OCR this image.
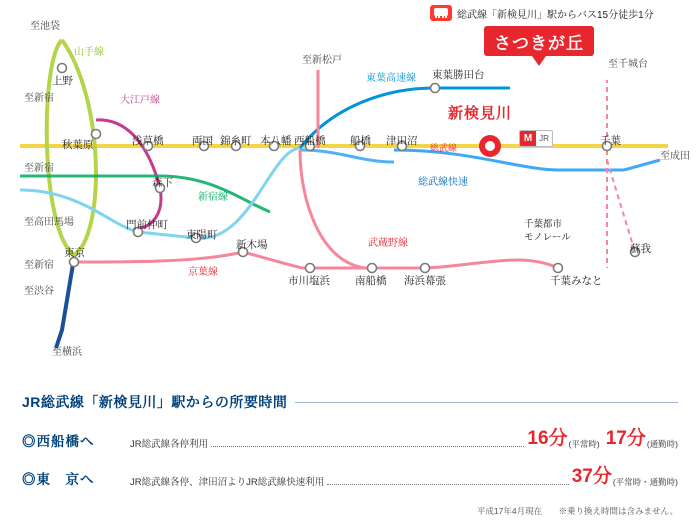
総武線「新検見川」駅からバス15分徒歩1分
さつきが丘
新検見川
M JR
上野
秋葉原	浅草橋	両国 錦糸町 本八幡 西船橋 船橋 津田沼	千葉
森下
門前仲町
東陽町
新木場
東京
市川塩浜 南船橋 海浜幕張
東葉勝田台
蘇我
千葉みなと
千葉都市
モノレール
至池袋
至新宿
至新宿
至高田馬場
至新宿
至渋谷
至横浜
至新松戸	至千城台
至成田
山手線
大江戸線
東葉高速線
総武線
総武線快速
新宿線
武蔵野線
京葉線
JR総武線「新検見川」駅からの所要時間
◎西船橋へ	JR総武線各停利用	16分 (平常時) 17分 (通勤時)
◎東　京へ	JR総武線各停、津田沼よりJR総武線快速利用	37分 (平常時・通勤時)
平成17年4月現在 ※乗り換え時間は含みません。
